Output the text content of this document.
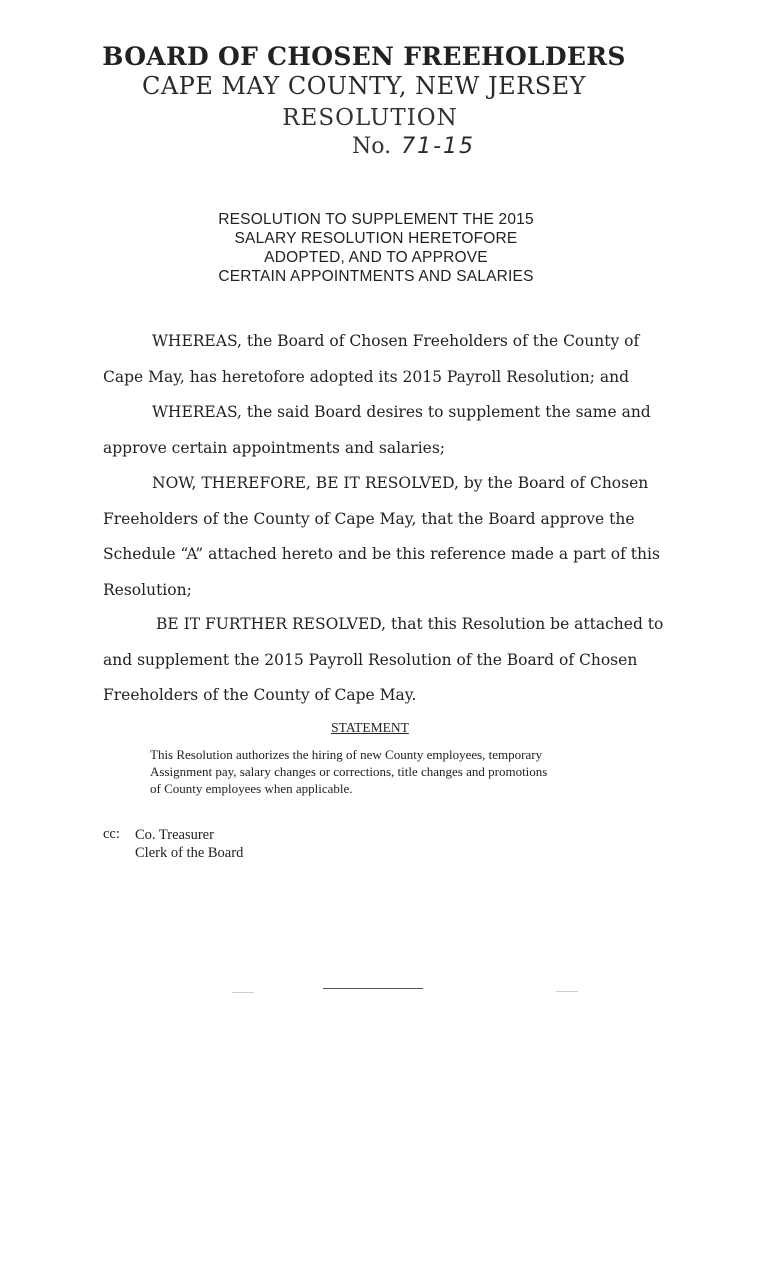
BOARD OF CHOSEN FREEHOLDERS
CAPE MAY COUNTY, NEW JERSEY
RESOLUTION
No. 71-15
RESOLUTION TO SUPPLEMENT THE 2015
SALARY RESOLUTION HERETOFORE
ADOPTED, AND TO APPROVE
CERTAIN APPOINTMENTS AND SALARIES
WHEREAS, the Board of Chosen Freeholders of the County of
Cape May, has heretofore adopted its 2015 Payroll Resolution; and
WHEREAS, the said Board desires to supplement the same and
approve certain appointments and salaries;
NOW, THEREFORE, BE IT RESOLVED, by the Board of Chosen
Freeholders of the County of Cape May, that the Board approve the
Schedule “A” attached hereto and be this reference made a part of this
Resolution;
BE IT FURTHER RESOLVED, that this Resolution be attached to
and supplement the 2015 Payroll Resolution of the Board of Chosen
Freeholders of the County of Cape May.
STATEMENT
This Resolution authorizes the hiring of new County employees, temporary
Assignment pay, salary changes or corrections, title changes and promotions
of County employees when applicable.
cc: Co. Treasurer
Clerk of the Board
